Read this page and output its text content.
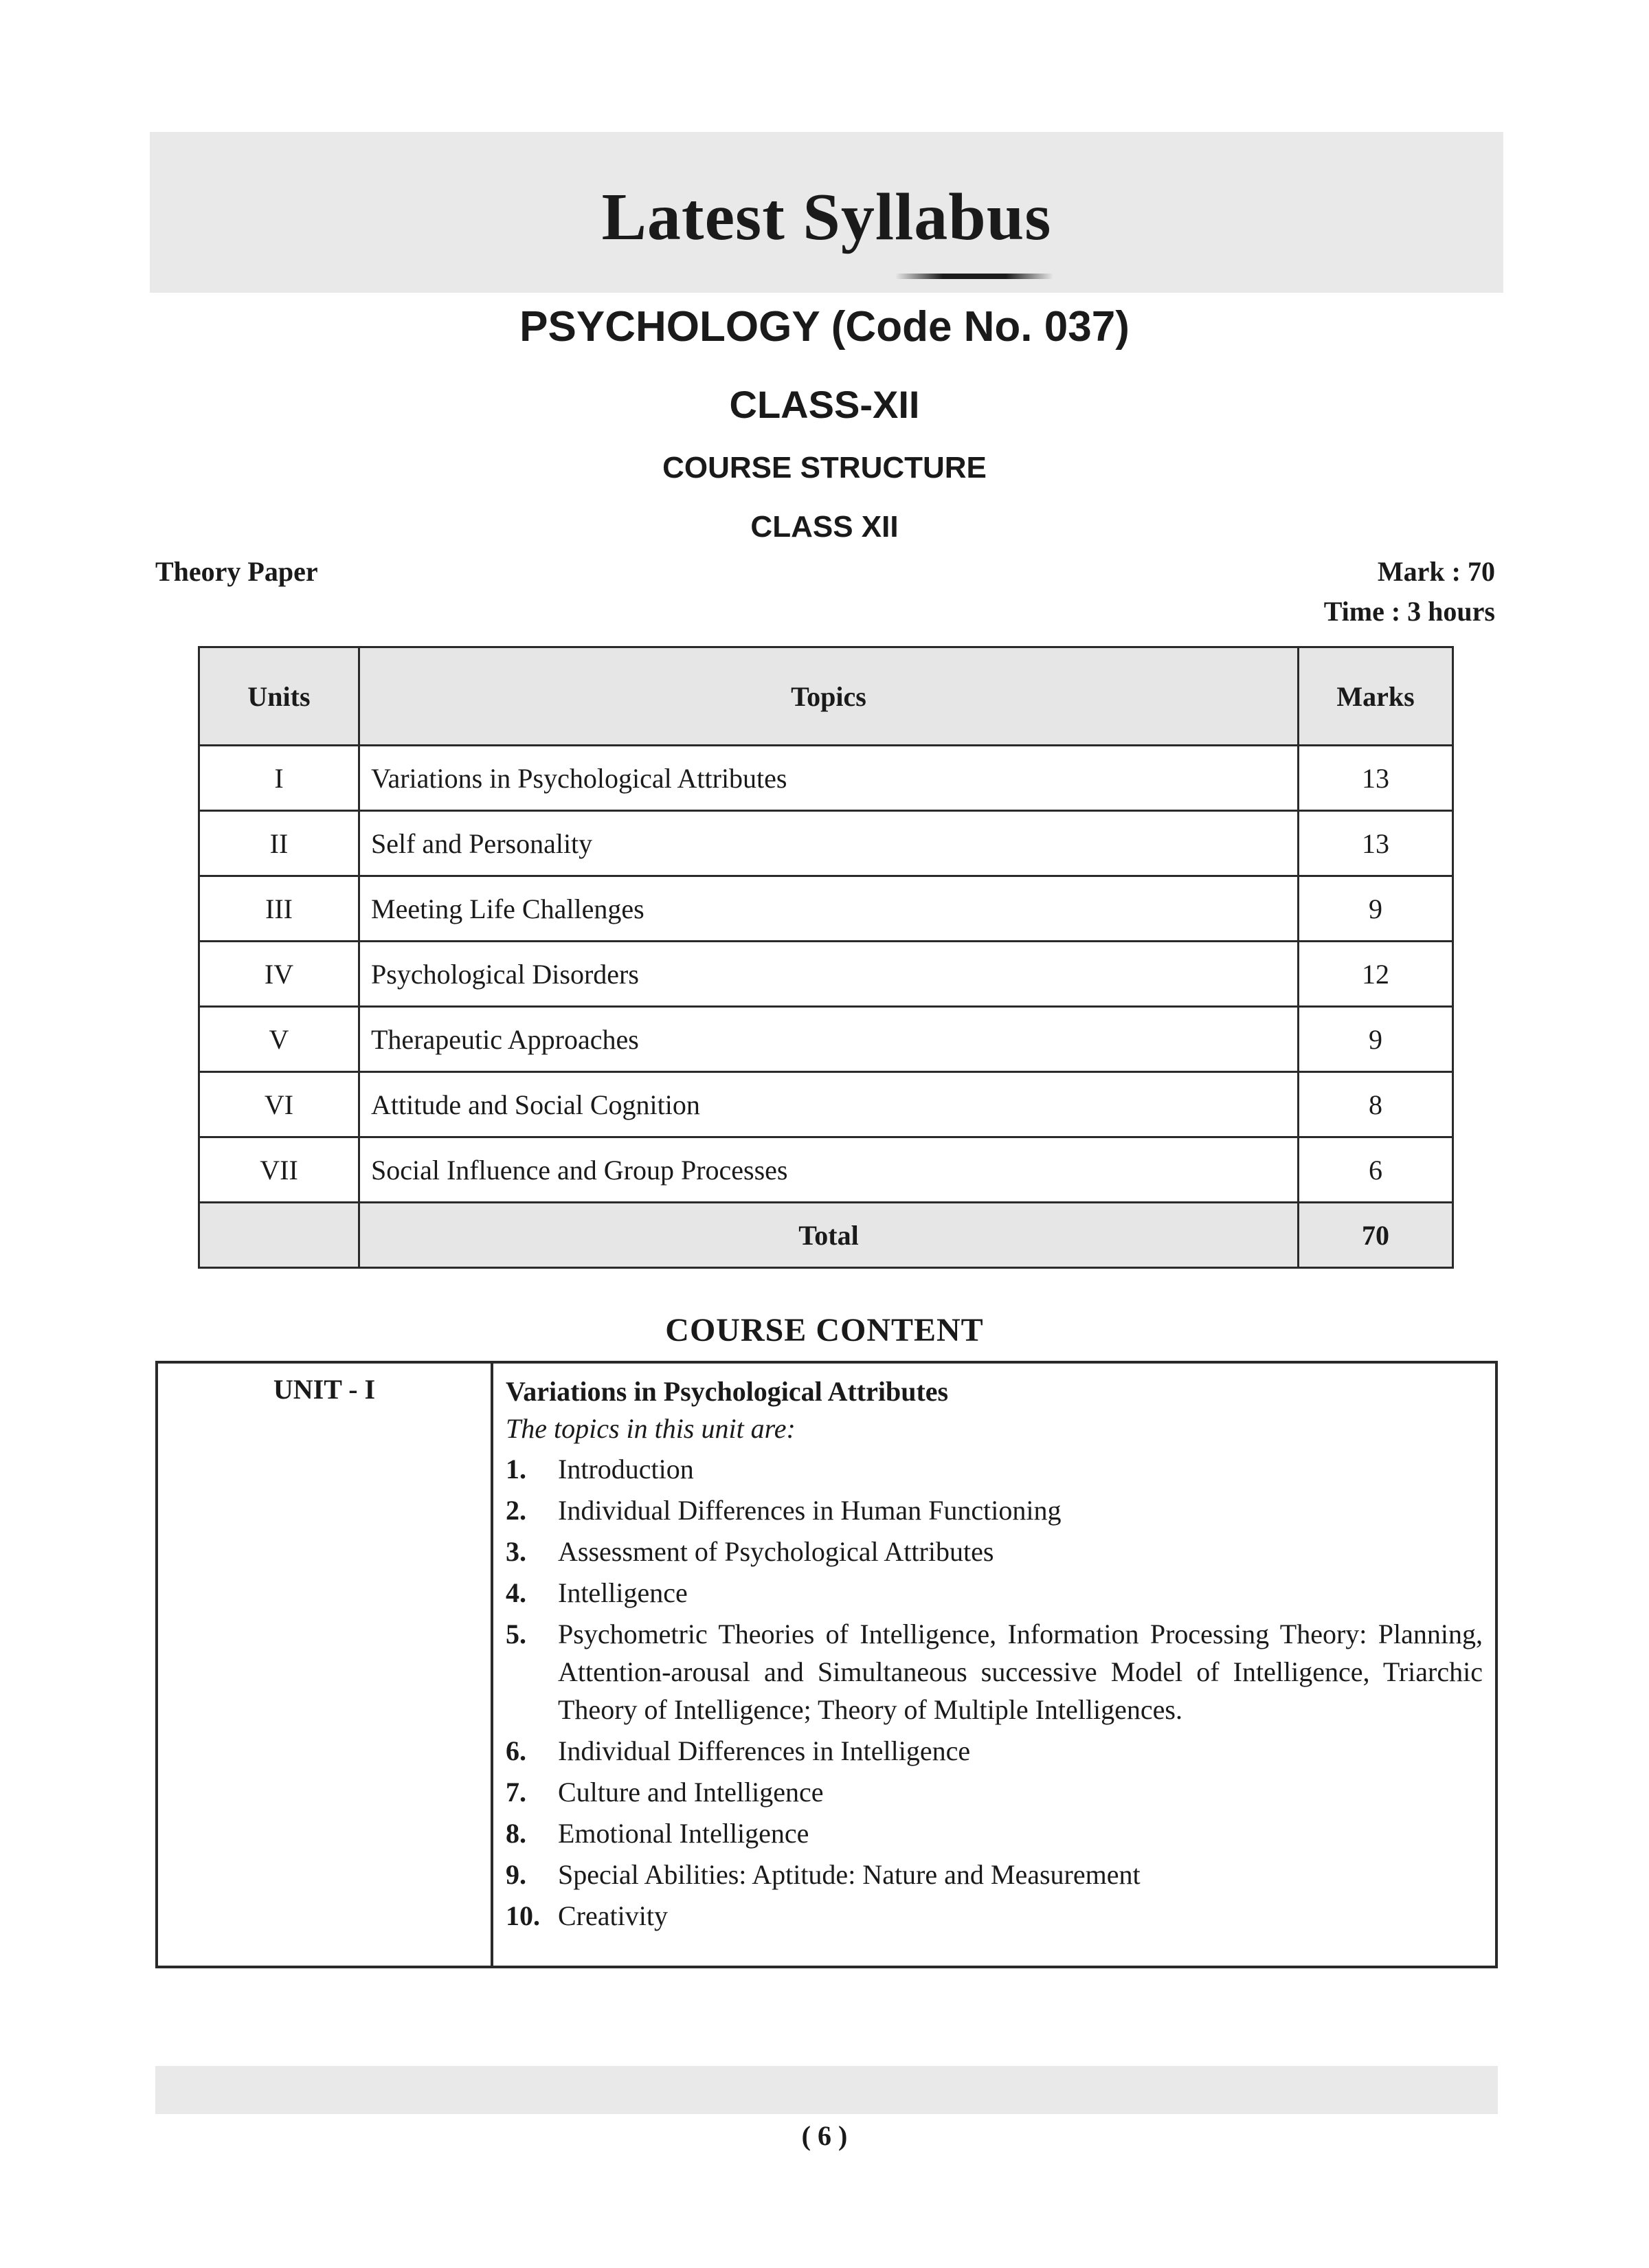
Latest Syllabus
PSYCHOLOGY (Code No. 037)
CLASS-XII
COURSE STRUCTURE
CLASS XII
Theory Paper	Mark : 70
Time : 3 hours
Units	Topics	Marks
I	Variations in Psychological Attributes	13
II	Self and Personality	13
III	Meeting Life Challenges	9
IV	Psychological Disorders	12
V	Therapeutic Approaches	9
VI	Attitude and Social Cognition	8
VII	Social Influence and Group Processes	6
	Total	70
COURSE CONTENT
UNIT - I	Variations in Psychological Attributes
The topics in this unit are:
1.	Introduction
2.	Individual Differences in Human Functioning
3.	Assessment of Psychological Attributes
4.	Intelligence
5.	Psychometric Theories of Intelligence, Information Processing Theory: Planning, Attention-arousal and Simultaneous successive Model of Intelligence, Triarchic Theory of Intelligence; Theory of Multiple Intelligences.
6.	Individual Differences in Intelligence
7.	Culture and Intelligence
8.	Emotional Intelligence
9.	Special Abilities: Aptitude: Nature and Measurement
10. Creativity
( 6 )
